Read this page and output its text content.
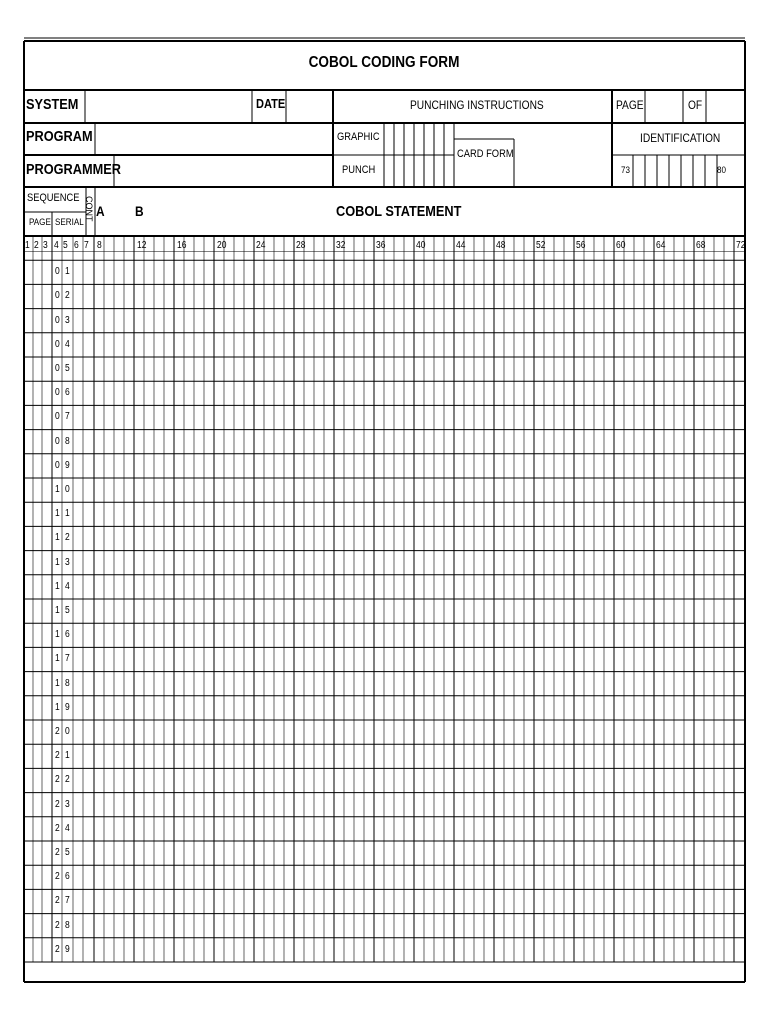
COBOL CODING FORM
SYSTEM	DATE	PUNCHING INSTRUCTIONS	PAGE	OF
PROGRAM	GRAPHIC
CARD FORM
IDENTIFICATION
PROGRAMMER	PUNCH	73	80
SEQUENCE
PAGE SERIAL
CONT A B	COBOL STATEMENT
1 2 3 4 5 6 7 8	12	16	20	24	28	32	36	40	44	48	52	56	60	64	68	72
0 1
0 2
0 3
0 4
0 5
0 6
0 7
0 8
0 9
1 0
1 1
1 2
1 3
1 4
1 5
1 6
1 7
1 8
1 9
2 0
2 1
2 2
2 3
2 4
2 5
2 6
2 7
2 8
2 9
